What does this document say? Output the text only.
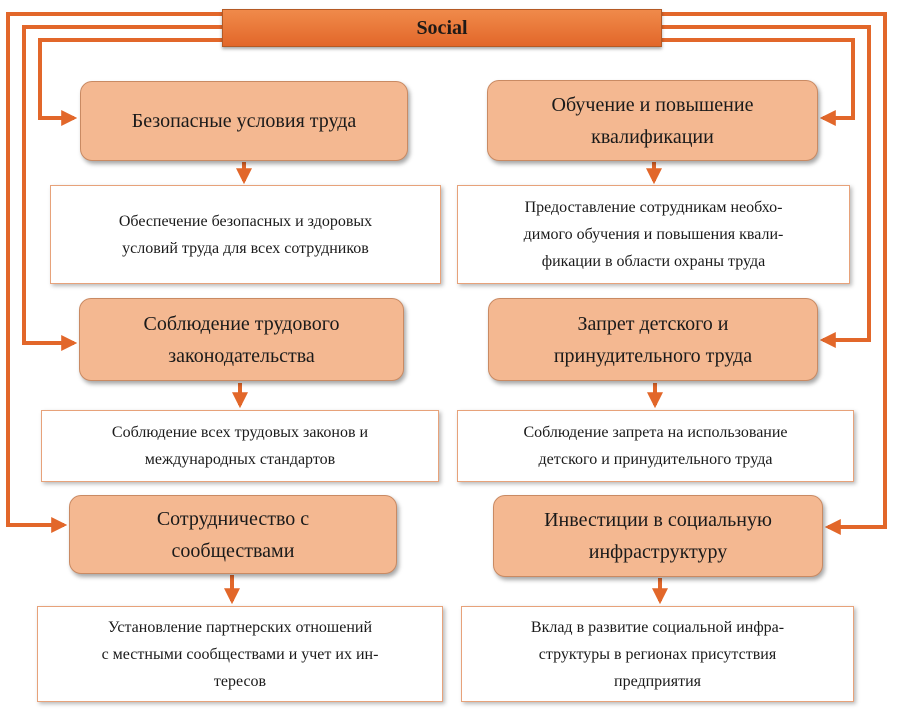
Social
Безопасные условия труда
Обеспечение безопасных и здоровых
условий труда для всех сотрудников
Соблюдение трудового
законодательства
Соблюдение всех трудовых законов и
международных стандартов
Сотрудничество с
сообществами
Установление партнерских отношений
с местными сообществами и учет их ин-
тересов
Обучение и повышение
квалификации
Предоставление сотрудникам необхо-
димого обучения и повышения квали-
фикации в области охраны труда
Запрет детского и
принудительного труда
Соблюдение запрета на использование
детского и принудительного труда
Инвестиции в социальную
инфраструктуру
Вклад в развитие социальной инфра-
структуры в регионах присутствия
предприятия
